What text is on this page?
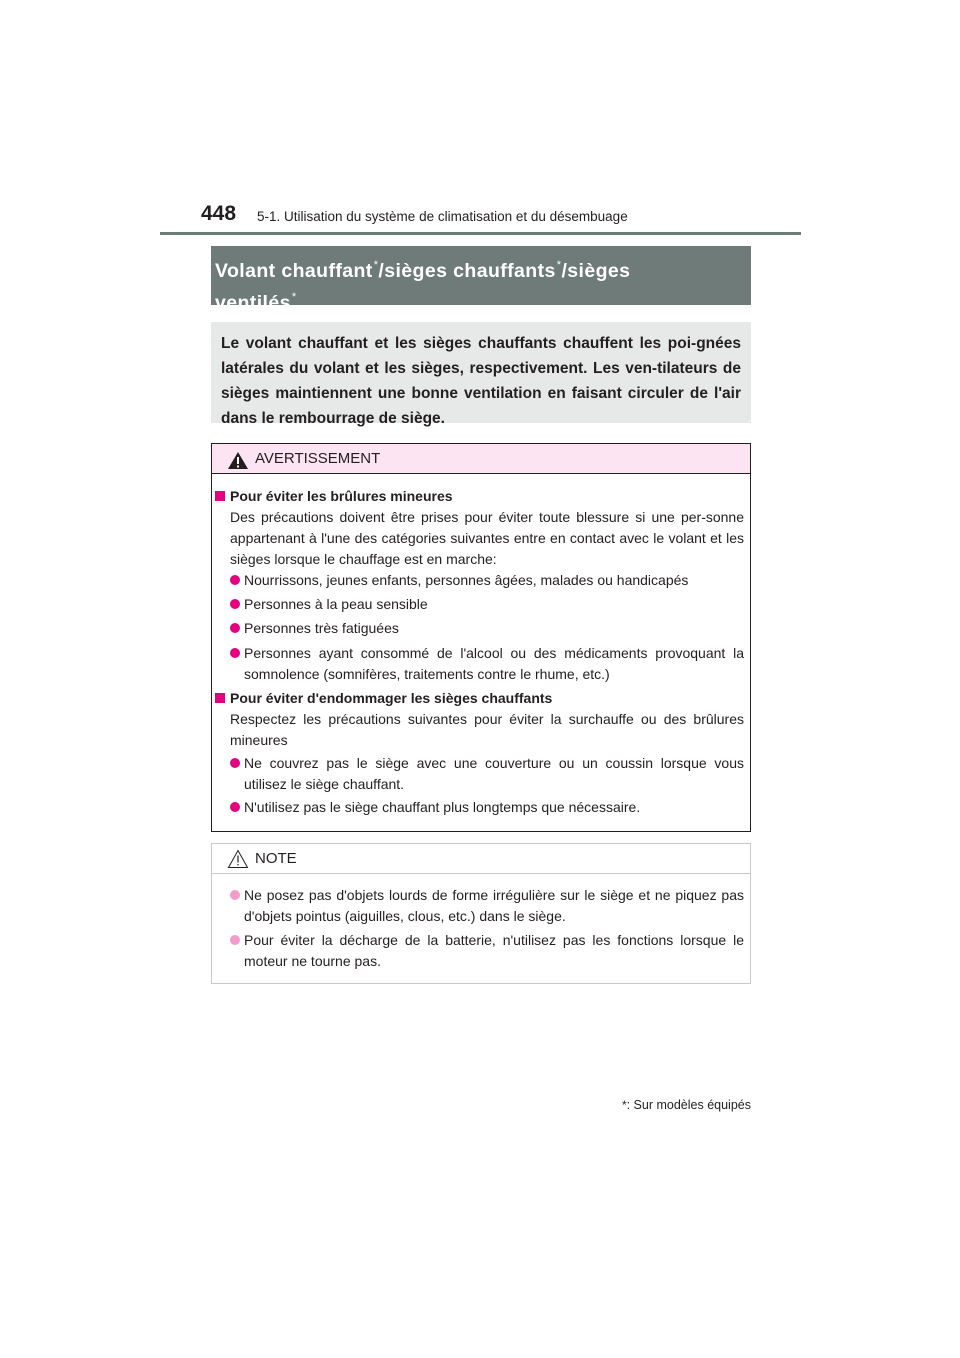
448 5-1. Utilisation du système de climatisation et du désembuage
Volant chauffant*/sièges chauffants*/sièges
ventilés*
Le volant chauffant et les sièges chauffants chauffent les poi-gnées latérales du volant et les sièges, respectivement. Les ven-tilateurs de sièges maintiennent une bonne ventilation en faisant circuler de l'air dans le rembourrage de siège.
AVERTISSEMENT
Pour éviter les brûlures mineures
Des précautions doivent être prises pour éviter toute blessure si une per-sonne appartenant à l'une des catégories suivantes entre en contact avec le volant et les sièges lorsque le chauffage est en marche:
Nourrissons, jeunes enfants, personnes âgées, malades ou handicapés
Personnes à la peau sensible
Personnes très fatiguées
Personnes ayant consommé de l'alcool ou des médicaments provoquant la somnolence (somnifères, traitements contre le rhume, etc.)
Pour éviter d'endommager les sièges chauffants
Respectez les précautions suivantes pour éviter la surchauffe ou des brûlures mineures
Ne couvrez pas le siège avec une couverture ou un coussin lorsque vous utilisez le siège chauffant.
N'utilisez pas le siège chauffant plus longtemps que nécessaire.
NOTE
Ne posez pas d'objets lourds de forme irrégulière sur le siège et ne piquez pas d'objets pointus (aiguilles, clous, etc.) dans le siège.
Pour éviter la décharge de la batterie, n'utilisez pas les fonctions lorsque le moteur ne tourne pas.
*: Sur modèles équipés
